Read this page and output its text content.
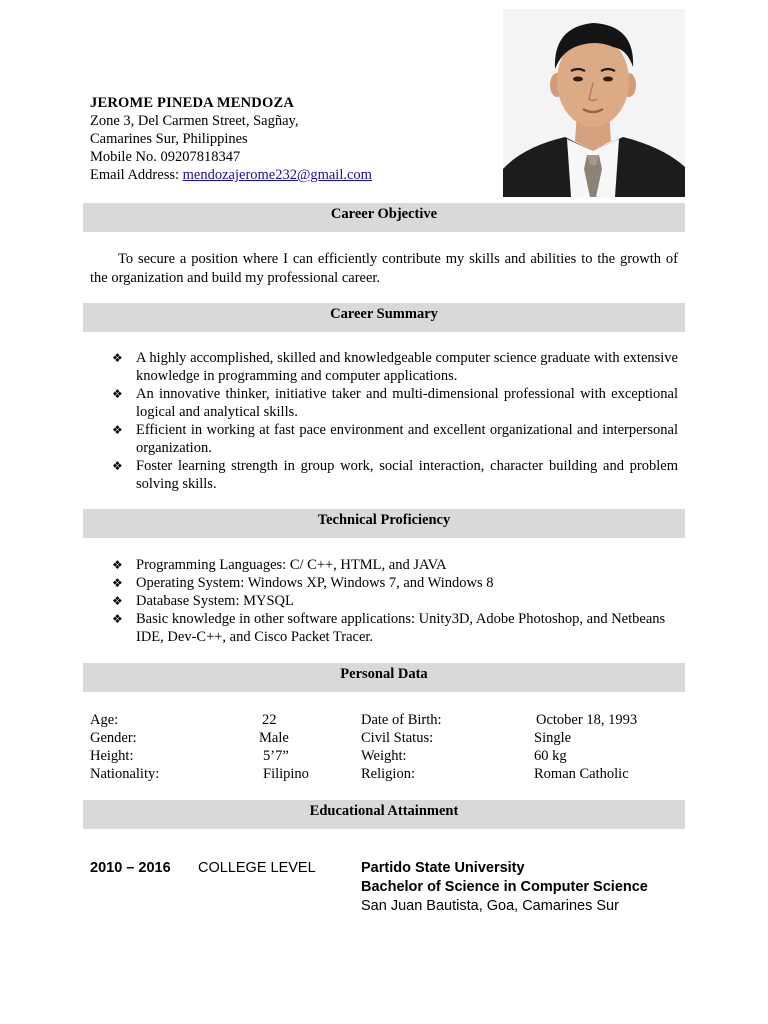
JEROME PINEDA MENDOZA
Zone 3, Del Carmen Street, Sagñay,
Camarines Sur, Philippines
Mobile No. 09207818347
Email Address: mendozajerome232@gmail.com
Career Objective
To secure a position where I can efficiently contribute my skills and abilities to the growth of the organization and build my professional career.
Career Summary
❖ A highly accomplished, skilled and knowledgeable computer science graduate with extensive knowledge in programming and computer applications.
❖ An innovative thinker, initiative taker and multi-dimensional professional with exceptional logical and analytical skills.
❖ Efficient in working at fast pace environment and excellent organizational and interpersonal organization.
❖ Foster learning strength in group work, social interaction, character building and problem solving skills.
Technical Proficiency
❖ Programming Languages: C/ C++, HTML, and JAVA
❖ Operating System: Windows XP, Windows 7, and Windows 8
❖ Database System: MYSQL
❖ Basic knowledge in other software applications: Unity3D, Adobe Photoshop, and Netbeans IDE, Dev-C++, and Cisco Packet Tracer.
Personal Data
Age:
Gender:
Height:
Nationality:
22
Male
5’7”
Filipino
Date of Birth:
Civil Status:
Weight:
Religion:
October 18, 1993
Single
60 kg
Roman Catholic
Educational Attainment
2010 – 2016 COLLEGE LEVEL	Partido State University
Bachelor of Science in Computer Science
San Juan Bautista, Goa, Camarines Sur
